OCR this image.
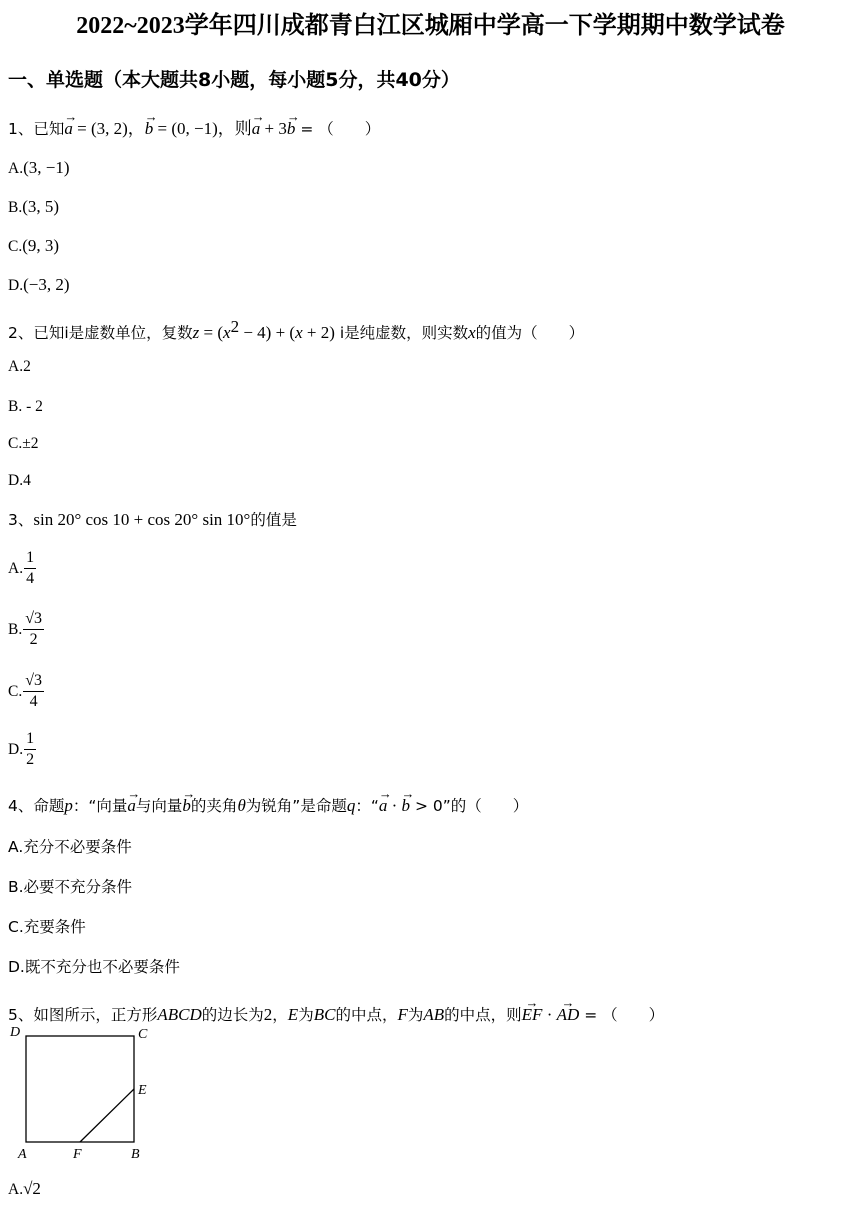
2022~2023学年四川成都青白江区城厢中学高一下学期期中数学试卷
一、单选题（本大题共8小题，每小题5分，共40分）
1、已知→ a = (3, 2)，→ b = (0, −1)，则→ a + 3→ b = （　　）
A.(3, −1)
B.(3, 5)
C.(9, 3)
D.(−3, 2)
2、已知i是虚数单位，复数$z = (x^2 - 4) + (x + 2)$ i是纯虚数，则实数x的值为（　　）
A.2
B. - 2
C.±2
D.4
3、sin 20° cos 10 + cos 20° sin 10°的值是
A. $\frac{1}{4}$
B. $\frac{√3}{2}$
C. $\frac{√3}{4}$
D. $\frac{1}{2}$
4、命题p：“向量→ a与向量→ b的夹角θ为锐角”是命题q：“→ a · → b > 0”的（　　）
A.充分不必要条件
B.必要不充分条件
C.充要条件
D.既不充分也不必要条件
5、如图所示，正方形ABCD的边长为2，E为BC的中点，F为AB的中点，则→ EF · → AD = （　　）
D	C
E
A	F	B
A.√2
